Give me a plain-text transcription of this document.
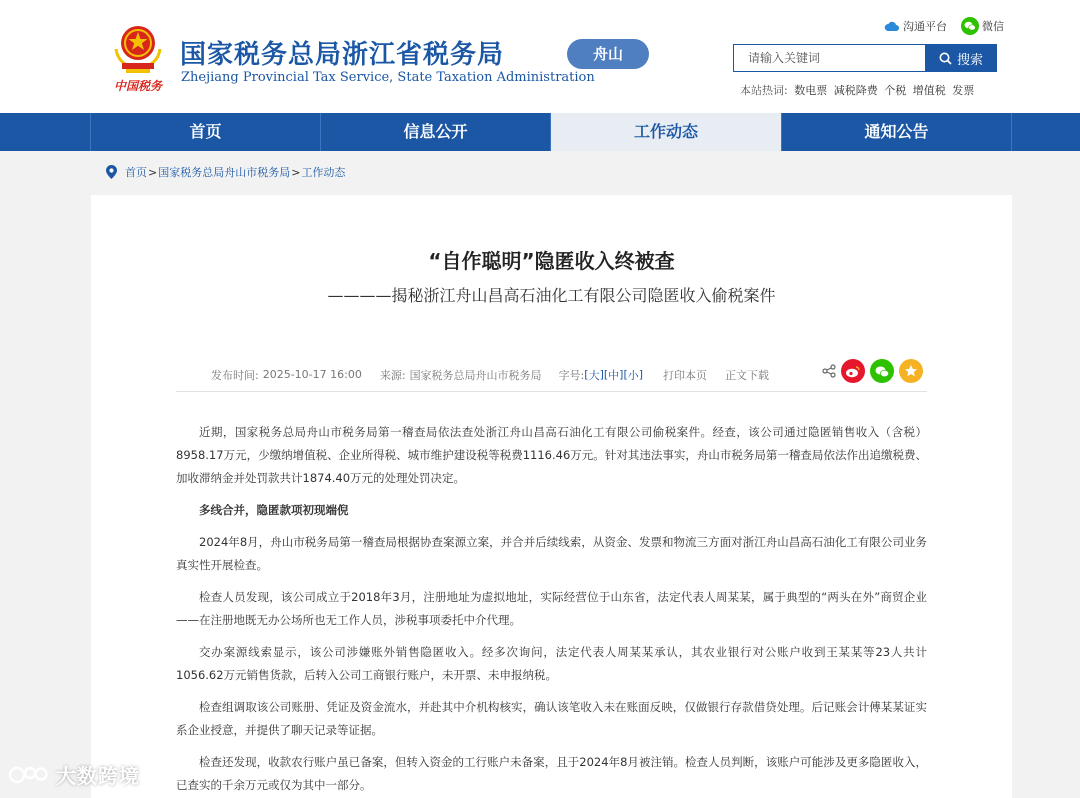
中国税务
国家税务总局浙江省税务局
Zhejiang Provincial Tax Service, State Taxation Administration
舟山
沟通平台	微信
请输入关键词	搜索
本站热词: 数电票 减税降费 个税 增值税 发票
首页	信息公开	工作动态	通知公告
首页 > 国家税务总局舟山市税务局 > 工作动态
“自作聪明”隐匿收入终被查
————揭秘浙江舟山昌高石油化工有限公司隐匿收入偷税案件
发布时间: 2025-10-17 16:00 来源: 国家税务总局舟山市税务局 字号: [ 大 ][ 中 ][ 小 ] 打印本页 正文下载

近期，国家税务总局舟山市税务局第一稽查局依法查处浙江舟山昌高石油化工有限公司偷税案件。经查，该公司通过隐匿销售收入（含税）8958.17万元，少缴纳增值税、企业所得税、城市维护建设税等税费1116.46万元。针对其违法事实，舟山市税务局第一稽查局依法作出追缴税费、加收滞纳金并处罚款共计1874.40万元的处理处罚决定。

多线合并，隐匿款项初现端倪

2024年8月，舟山市税务局第一稽查局根据协查案源立案，并合并后续线索，从资金、发票和物流三方面对浙江舟山昌高石油化工有限公司业务真实性开展检查。

检查人员发现，该公司成立于2018年3月，注册地址为虚拟地址，实际经营位于山东省，法定代表人周某某，属于典型的“两头在外”商贸企业——在注册地既无办公场所也无工作人员，涉税事项委托中介代理。

交办案源线索显示，该公司涉嫌账外销售隐匿收入。经多次询问，法定代表人周某某承认，其农业银行对公账户收到王某某等23人共计1056.62万元销售货款，后转入公司工商银行账户，未开票、未申报纳税。

检查组调取该公司账册、凭证及资金流水，并赴其中介机构核实，确认该笔收入未在账面反映，仅做银行存款借贷处理。后记账会计傅某某证实系企业授意，并提供了聊天记录等证据。

检查还发现，收款农行账户虽已备案，但转入资金的工行账户未备案，且于2024年8月被注销。检查人员判断，该账户可能涉及更多隐匿收入，已查实的千余万元或仅为其中一部分。

大数跨境
